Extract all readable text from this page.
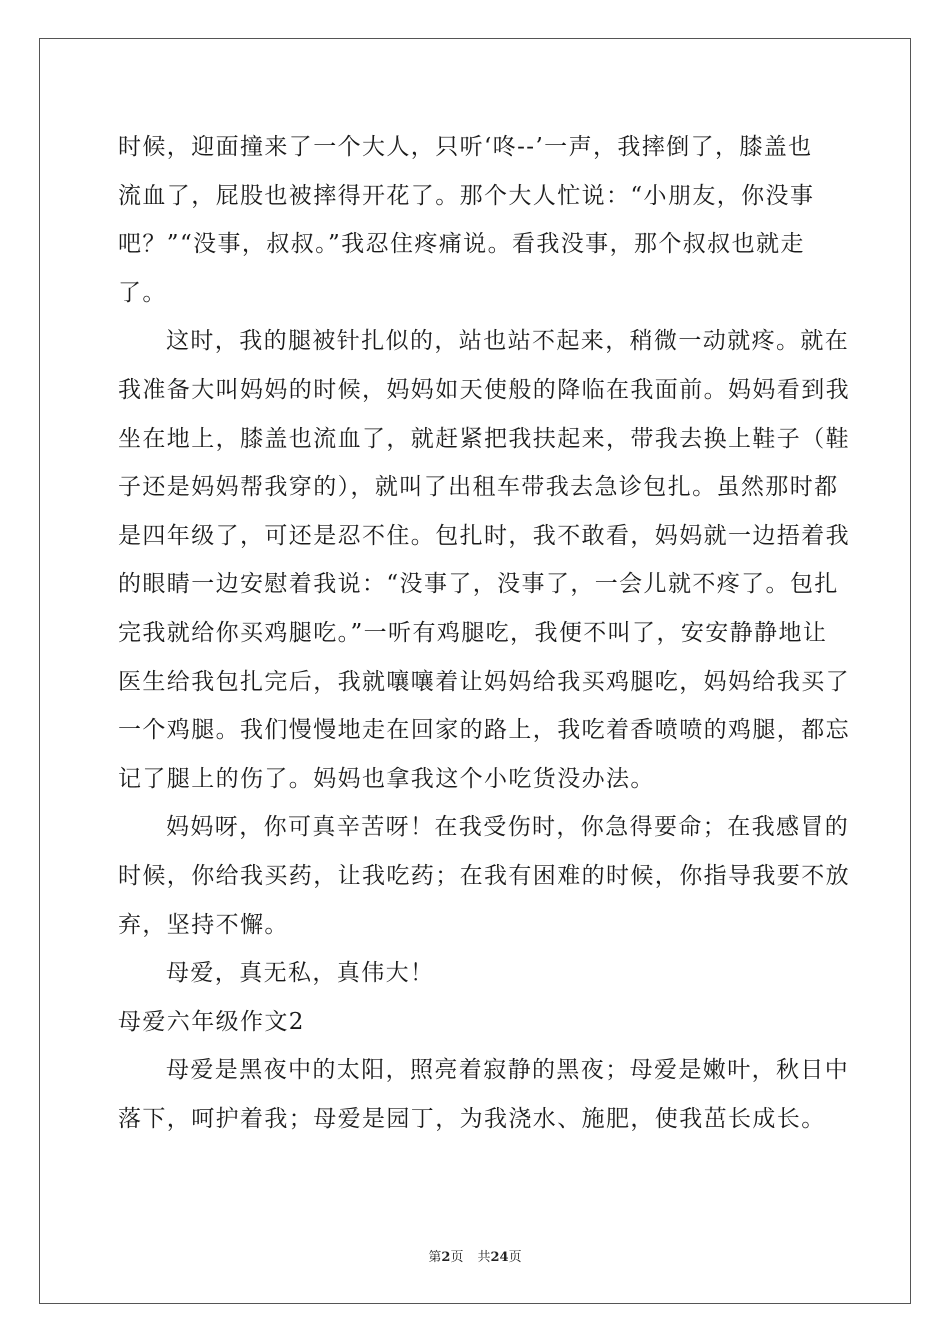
时候，迎面撞来了一个大人，只听‘咚--’一声，我摔倒了，膝盖也
流血了，屁股也被摔得开花了。那个大人忙说：“小朋友，你没事
吧？”“没事，叔叔。”我忍住疼痛说。看我没事，那个叔叔也就走
了。
这时，我的腿被针扎似的，站也站不起来，稍微一动就疼。就在
我准备大叫妈妈的时候，妈妈如天使般的降临在我面前。妈妈看到我
坐在地上，膝盖也流血了，就赶紧把我扶起来，带我去换上鞋子（鞋
子还是妈妈帮我穿的），就叫了出租车带我去急诊包扎。虽然那时都
是四年级了，可还是忍不住。包扎时，我不敢看，妈妈就一边捂着我
的眼睛一边安慰着我说：“没事了，没事了，一会儿就不疼了。包扎
完我就给你买鸡腿吃。”一听有鸡腿吃，我便不叫了，安安静静地让
医生给我包扎完后，我就嚷嚷着让妈妈给我买鸡腿吃，妈妈给我买了
一个鸡腿。我们慢慢地走在回家的路上，我吃着香喷喷的鸡腿，都忘
记了腿上的伤了。妈妈也拿我这个小吃货没办法。
妈妈呀，你可真辛苦呀！在我受伤时，你急得要命；在我感冒的
时候，你给我买药，让我吃药；在我有困难的时候，你指导我要不放
弃，坚持不懈。
母爱，真无私，真伟大！
母爱六年级作文2
母爱是黑夜中的太阳，照亮着寂静的黑夜；母爱是嫩叶，秋日中
落下，呵护着我；母爱是园丁，为我浇水、施肥，使我茁长成长。
第2页 共24页
